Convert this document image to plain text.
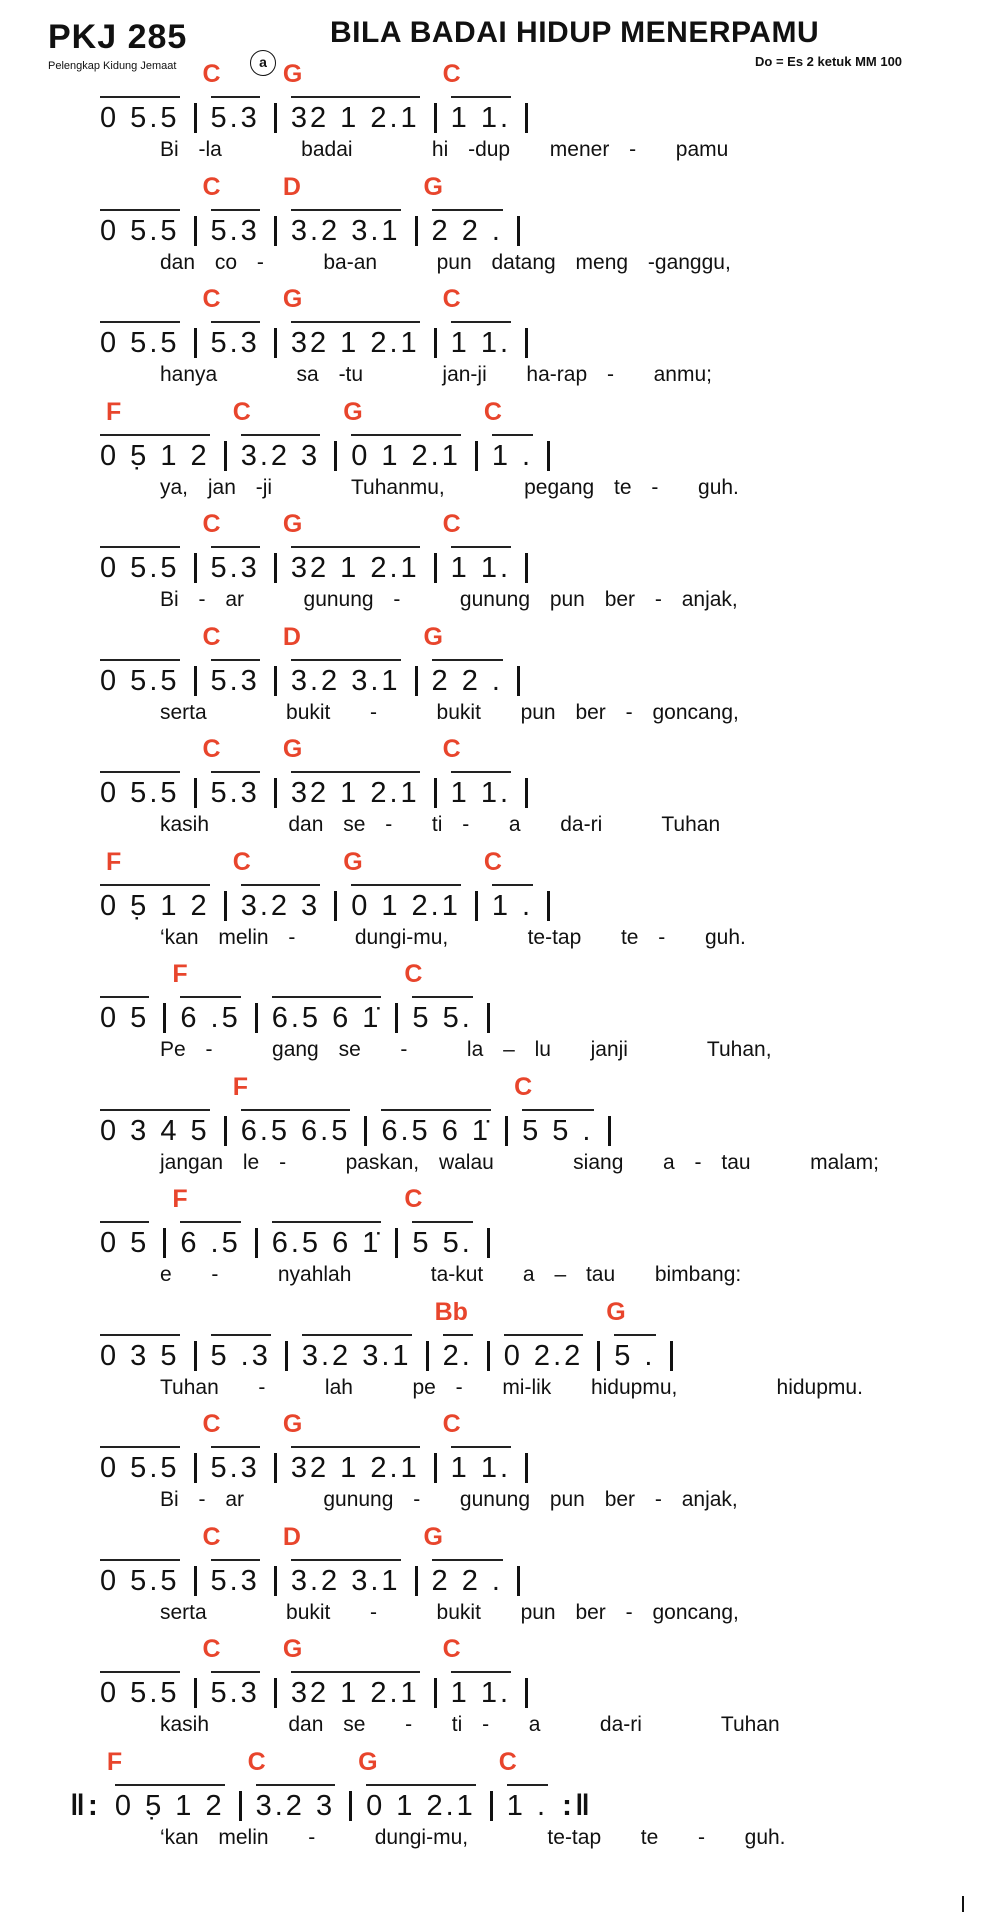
PKJ 285
Pelengkap Kidung Jemaat	a
BILA BADAI HIDUP MENERPAMU
Do = Es 2 ketuk MM 100
0 5.5
C
5.3
G
32 1 2.1
C
1 1.
Bi -la    badai    hi -dup  mener -  pamu
0 5.5
C
5.3
D
3.2 3.1
G
2 2 .
dan co -   ba-an   pun datang meng -ganggu,
0 5.5
C
5.3
G
32 1 2.1
C
1 1.
hanya    sa -tu    jan-ji  ha-rap -  anmu;
F
0 5̣ 1 2
C
3.2 3
G
0 1 2.1
C
1 .
ya, jan -ji    Tuhanmu,    pegang te -  guh.
0 5.5
C
5.3
G
32 1 2.1
C
1 1.
Bi - ar   gunung -   gunung pun ber - anjak,
0 5.5
C
5.3
D
3.2 3.1
G
2 2 .
serta    bukit  -   bukit  pun ber - goncang,
0 5.5
C
5.3
G
32 1 2.1
C
1 1.
kasih    dan se -  ti -  a  da-ri   Tuhan
F
0 5̣ 1 2
C
3.2 3
G
0 1 2.1
C
1 .
‘kan melin -   dungi-mu,    te-tap  te -  guh.
0 5
F
6 .5	6.5 6 1̇
C
5 5.
Pe -   gang se  -   la – lu  janji    Tuhan,
0 3 4 5
F
6.5 6.5	6.5 6 1̇
C
5 5 .
jangan le -   paskan, walau    siang  a - tau   malam;
0 5
F
6 .5	6.5 6 1̇
C
5 5.
e  -   nyahlah    ta-kut  a – tau  bimbang:
0 3 5	5 .3	3.2 3.1
Bb
2.	0 2.2
G
5 .
Tuhan  -   lah   pe -  mi-lik  hidupmu,     hidupmu.
0 5.5
C
5.3
G
32 1 2.1
C
1 1.
Bi - ar    gunung -  gunung pun ber - anjak,
0 5.5
C
5.3
D
3.2 3.1
G
2 2 .
serta    bukit  -   bukit  pun ber - goncang,
0 5.5
C
5.3
G
32 1 2.1
C
1 1.
kasih    dan se  -  ti -  a   da-ri    Tuhan
‖:
F
0 5̣ 1 2
C
3.2 3
G
0 1 2.1
C
1 . :‖
‘kan melin  -   dungi-mu,    te-tap  te  -  guh.
